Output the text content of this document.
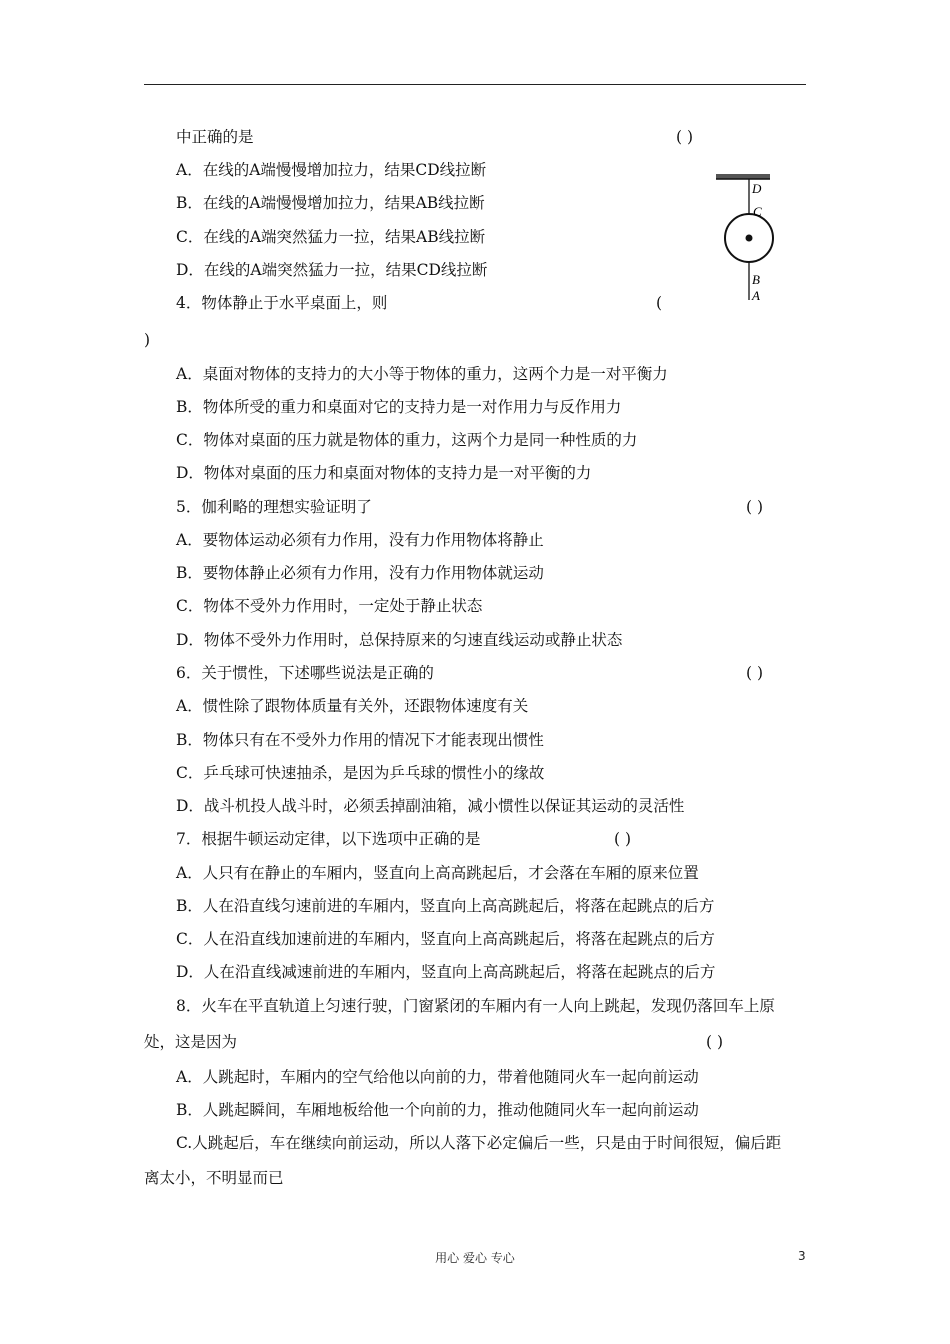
中正确的是	( )
A．在线的A端慢慢增加拉力，结果CD线拉断
B．在线的A端慢慢增加拉力，结果AB线拉断
C．在线的A端突然猛力一拉，结果AB线拉断
D．在线的A端突然猛力一拉，结果CD线拉断
4．物体静止于水平桌面上，则	(
)
A．桌面对物体的支持力的大小等于物体的重力，这两个力是一对平衡力
B．物体所受的重力和桌面对它的支持力是一对作用力与反作用力
C．物体对桌面的压力就是物体的重力，这两个力是同一种性质的力
D．物体对桌面的压力和桌面对物体的支持力是一对平衡的力
5．伽利略的理想实验证明了	( )
A．要物体运动必须有力作用，没有力作用物体将静止
B．要物体静止必须有力作用，没有力作用物体就运动
C．物体不受外力作用时，一定处于静止状态
D．物体不受外力作用时，总保持原来的匀速直线运动或静止状态
6．关于惯性，下述哪些说法是正确的	( )
A．惯性除了跟物体质量有关外，还跟物体速度有关
B．物体只有在不受外力作用的情况下才能表现出惯性
C．乒乓球可快速抽杀，是因为乒乓球的惯性小的缘故
D．战斗机投人战斗时，必须丢掉副油箱，减小惯性以保证其运动的灵活性
7．根据牛顿运动定律，以下选项中正确的是	( )
A．人只有在静止的车厢内，竖直向上高高跳起后，才会落在车厢的原来位置
B．人在沿直线匀速前进的车厢内，竖直向上高高跳起后，将落在起跳点的后方
C．人在沿直线加速前进的车厢内，竖直向上高高跳起后，将落在起跳点的后方
D．人在沿直线减速前进的车厢内，竖直向上高高跳起后，将落在起跳点的后方
8．火车在平直轨道上匀速行驶，门窗紧闭的车厢内有一人向上跳起，发现仍落回车上原
处，这是因为	( )
A．人跳起时，车厢内的空气给他以向前的力，带着他随同火车一起向前运动
B．人跳起瞬间，车厢地板给他一个向前的力，推动他随同火车一起向前运动
C.人跳起后，车在继续向前运动，所以人落下必定偏后一些，只是由于时间很短，偏后距
离太小，不明显而已
D
C
B
A
用心 爱心 专心	3
